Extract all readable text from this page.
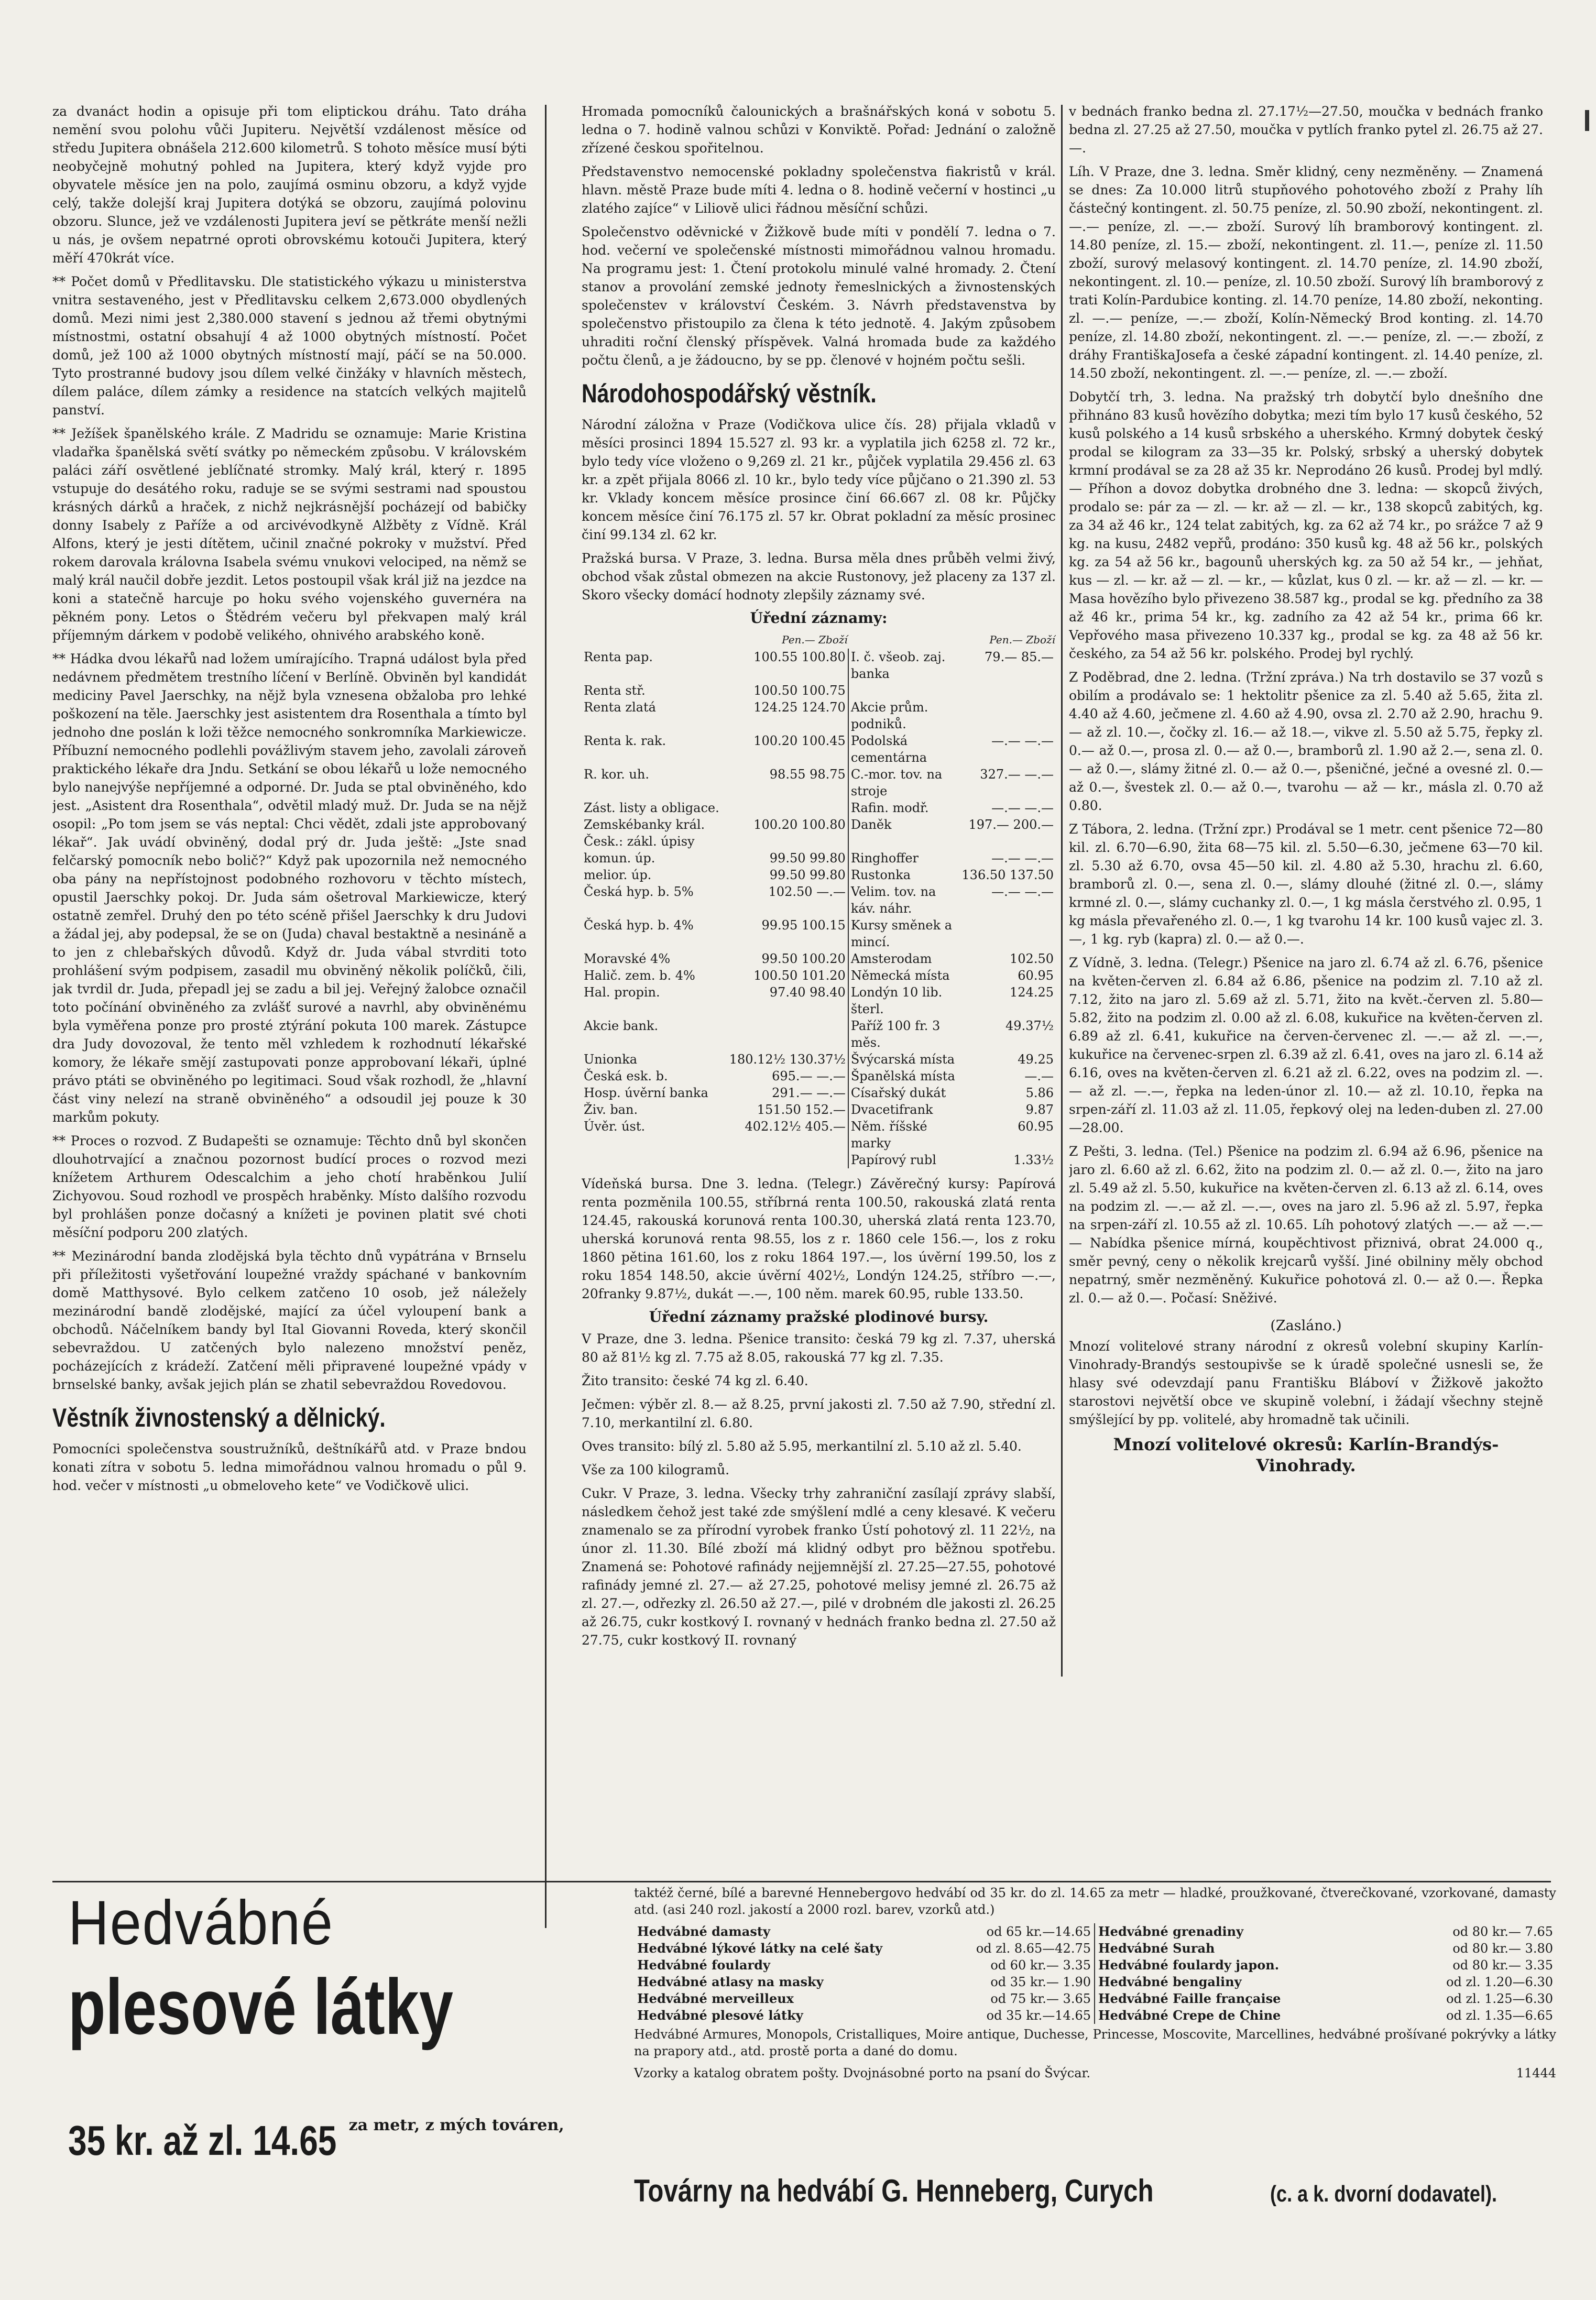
za dvanáct hodin a opisuje při tom eliptickou dráhu. Tato dráha nemění svou polohu vůči Jupiteru. Největší vzdálenost měsíce od středu Jupitera obnášela 212.600 kilometrů. S tohoto měsíce musí býti neobyčejně mohutný pohled na Jupitera, který když vyjde pro obyvatele měsíce jen na polo, zaujímá osminu obzoru, a když vyjde celý, takže dolejší kraj Jupitera dotýká se obzoru, zaujímá polovinu obzoru. Slunce, jež ve vzdálenosti Jupitera jeví se pětkráte menší nežli u nás, je ovšem nepatrné oproti obrovskému kotouči Jupitera, který měří 470krát více.

** Počet domů v Předlitavsku. Dle statistického výkazu u ministerstva vnitra sestaveného, jest v Předlitavsku celkem 2,673.000 obydlených domů. Mezi nimi jest 2,380.000 stavení s jednou až třemi obytnými místnostmi, ostatní obsahují 4 až 1000 obytných místností. Počet domů, jež 100 až 1000 obytných místností mají, páčí se na 50.000. Tyto prostranné budovy jsou dílem velké činžáky v hlavních městech, dílem paláce, dílem zámky a residence na statcích velkých majitelů panství.

** Ježíšek španělského krále. Z Madridu se oznamuje: Marie Kristina vladařka španělská světí svátky po německém způsobu. V královském paláci září osvětlené jeblíčnaté stromky. Malý král, který r. 1895 vstupuje do desátého roku, raduje se se svými sestrami nad spoustou krásných dárků a hraček, z nichž nejkrásnější pocházejí od babičky donny Isabely z Paříže a od arcivévodkyně Alžběty z Vídně. Král Alfons, který je jesti dítětem, učinil značné pokroky v mužství. Před rokem darovala královna Isabela svému vnukovi velociped, na němž se malý král naučil dobře jezdit. Letos postoupil však král již na jezdce na koni a statečně harcuje po hoku svého vojenského guvernéra na pěkném pony. Letos o Štědrém večeru byl překvapen malý král příjemným dárkem v podobě velikého, ohnivého arabského koně.

** Hádka dvou lékařů nad ložem umírajícího. Trapná událost byla před nedávnem předmětem trestního líčení v Berlíně. Obviněn byl kandidát mediciny Pavel Jaerschky, na nějž byla vznesena obžaloba pro lehké poškození na těle. Jaerschky jest asistentem dra Rosenthala a tímto byl jednoho dne poslán k loži těžce nemocného sonkromníka Markiewicze. Příbuzní nemocného podlehli povážlivým stavem jeho, zavolali zároveň praktického lékaře dra Jndu. Setkání se obou lékařů u lože nemocného bylo nanejvýše nepříjemné a odporné. Dr. Juda se ptal obviněného, kdo jest. „Asistent dra Rosenthala“, odvětil mladý muž. Dr. Juda se na nějž osopil: „Po tom jsem se vás neptal: Chci vědět, zdali jste approbovaný lékař“. Jak uvádí obviněný, dodal prý dr. Juda ještě: „Jste snad felčarský pomocník nebo bolič?“ Když pak upozornila než nemocného oba pány na nepřístojnost podobného rozhovoru v těchto místech, opustil Jaerschky pokoj. Dr. Juda sám ošetroval Markiewicze, který ostatně zemřel. Druhý den po této scéně přišel Jaerschky k dru Judovi a žádal jej, aby podepsal, že se on (Juda) chaval bestaktně a nesináně a to jen z chlebařských důvodů. Když dr. Juda vábal stvrditi toto prohlášení svým podpisem, zasadil mu obviněný několik políčků, čili, jak tvrdil dr. Juda, přepadl jej se zadu a bil jej. Veřejný žalobce označil toto počínání obviněného za zvlášť surové a navrhl, aby obviněnému byla vyměřena ponze pro prosté ztýrání pokuta 100 marek. Zástupce dra Judy dovozoval, že tento měl vzhledem k rozhodnutí lékařské komory, že lékaře smějí zastupovati ponze approbovaní lékaři, úplné právo ptáti se obviněného po legitimaci. Soud však rozhodl, že „hlavní část viny nelezí na straně obviněného“ a odsoudil jej pouze k 30 markům pokuty.

** Proces o rozvod. Z Budapešti se oznamuje: Těchto dnů byl skončen dlouhotrvající a značnou pozornost budící proces o rozvod mezi knížetem Arthurem Odescalchim a jeho chotí hraběnkou Julií Zichyovou. Soud rozhodl ve prospěch hraběnky. Místo dalšího rozvodu byl prohlášen ponze dočasný a knížeti je povinen platit své choti měsíční podporu 200 zlatých.

** Mezinárodní banda zlodějská byla těchto dnů vypátrána v Brnselu při příležitosti vyšetřování loupežné vraždy spáchané v bankovním domě Matthysové. Bylo celkem zatčeno 10 osob, jež náležely mezinárodní bandě zlodějské, mající za účel vyloupení bank a obchodů. Náčelníkem bandy byl Ital Giovanni Roveda, který skončil sebevraždou. U zatčených bylo nalezeno množství peněz, pocházejících z krádeží. Zatčení měli připravené loupežné vpády v brnselské banky, avšak jejich plán se zhatil sebevraždou Rovedovou.

Věstník živnostenský a dělnický.

Pomocníci společenstva soustružníků, deštníkářů atd. v Praze bndou konati zítra v sobotu 5. ledna mimořádnou valnou hromadu o půl 9. hod. večer v místnosti „u obmeloveho kete“ ve Vodičkově ulici.

Hromada pomocníků čalounických a brašnářských koná v sobotu 5. ledna o 7. hodině valnou schůzi v Konviktě. Pořad: Jednání o založně zřízené českou spořitelnou.

Představenstvo nemocenské pokladny společenstva fiakristů v král. hlavn. městě Praze bude míti 4. ledna o 8. hodině večerní v hostinci „u zlatého zajíce“ v Liliově ulici řádnou měsíční schůzi.

Společenstvo oděvnické v Žižkově bude míti v pondělí 7. ledna o 7. hod. večerní ve společenské místnosti mimořádnou valnou hromadu. Na programu jest: 1. Čtení protokolu minulé valné hromady. 2. Čtení stanov a provolání zemské jednoty řemeslnických a živnostenských společenstev v království Českém. 3. Návrh představenstva by společenstvo přistoupilo za člena k této jednotě. 4. Jakým způsobem uhraditi roční členský příspěvek. Valná hromada bude za každého počtu členů, a je žádoucno, by se pp. členové v hojném počtu sešli.

Národohospodářský věstník.

Národní záložna v Praze (Vodičkova ulice čís. 28) přijala vkladů v měsíci prosinci 1894 15.527 zl. 93 kr. a vyplatila jich 6258 zl. 72 kr., bylo tedy více vloženo o 9,269 zl. 21 kr., půjček vyplatila 29.456 zl. 63 kr. a zpět přijala 8066 zl. 10 kr., bylo tedy více půjčano o 21.390 zl. 53 kr. Vklady koncem měsíce prosince činí 66.667 zl. 08 kr. Půjčky koncem měsíce činí 76.175 zl. 57 kr. Obrat pokladní za měsíc prosinec činí 99.134 zl. 62 kr.

Pražská bursa. V Praze, 3. ledna. Bursa měla dnes průběh velmi živý, obchod však zůstal obmezen na akcie Rustonovy, jež placeny za 137 zl. Skoro všecky domácí hodnoty zlepšily záznamy své.

Úřední záznamy:
	Pen.— Zboží		Pen.— Zboží
Renta pap.	100.55 100.80	I. č. všeob. zaj. banka	79.— 85.—
Renta stř.	100.50 100.75		
Renta zlatá	124.25 124.70	Akcie prům. podniků.	
Renta k. rak.	100.20 100.45	Podolská cementárna	—.— —.—
R. kor. uh.	98.55 98.75	C.-mor. tov. na stroje	327.— —.—
Zást. listy a obligace.		Rafin. modř.	—.— —.—
Zemskébanky král. Česk.: zákl. úpisy	100.20 100.80	Daněk	197.— 200.—
komun. úp.	99.50 99.80	Ringhoffer	—.— —.—
melior. úp.	99.50 99.80	Rustonka	136.50 137.50
Česká hyp. b. 5%	102.50 —.—	Velim. tov. na káv. náhr.	—.— —.—
Česká hyp. b. 4%	99.95 100.15	Kursy směnek a mincí.	
Moravské 4%	99.50 100.20	Amsterodam	102.50
Halič. zem. b. 4%	100.50 101.20	Německá místa	60.95
Hal. propin.	97.40 98.40	Londýn 10 lib. šterl.	124.25
Akcie bank.		Paříž 100 fr. 3 měs.	49.37½
Unionka	180.12½ 130.37½	Švýcarská místa	49.25
Česká esk. b.	695.— —.—	Španělská místa	—.—
Hosp. úvěrní banka	291.— —.—	Císařský dukát	5.86
Živ. ban.	151.50 152.—	Dvacetifrank	9.87
Úvěr. úst.	402.12½ 405.—	Něm. říšské marky	60.95
		Papírový rubl	1.33½

Vídeňská bursa. Dne 3. ledna. (Telegr.) Závěrečný kursy: Papírová renta pozměnila 100.55, stříbrná renta 100.50, rakouská zlatá renta 124.45, rakouská korunová renta 100.30, uherská zlatá renta 123.70, uherská korunová renta 98.55, los z r. 1860 cele 156.—, los z roku 1860 pětina 161.60, los z roku 1864 197.—, los úvěrní 199.50, los z roku 1854 148.50, akcie úvěrní 402½, Londýn 124.25, stříbro —.—, 20franky 9.87½, dukát —.—, 100 něm. marek 60.95, ruble 133.50.

Úřední záznamy pražské plodinové bursy.

V Praze, dne 3. ledna. Pšenice transito: česká 79 kg zl. 7.37, uherská 80 až 81½ kg zl. 7.75 až 8.05, rakouská 77 kg zl. 7.35.

Žito transito: české 74 kg zl. 6.40.

Ječmen: výběr zl. 8.— až 8.25, první jakosti zl. 7.50 až 7.90, střední zl. 7.10, merkantilní zl. 6.80.

Oves transito: bílý zl. 5.80 až 5.95, merkantilní zl. 5.10 až zl. 5.40.

Vše za 100 kilogramů.

Cukr. V Praze, 3. ledna. Všecky trhy zahraniční zasílají zprávy slabší, následkem čehož jest také zde smýšlení mdlé a ceny klesavé. K večeru znamenalo se za přírodní vyrobek franko Ústí pohotový zl. 11 22½, na únor zl. 11.30. Bílé zboží má klidný odbyt pro běžnou spotřebu. Znamená se: Pohotové rafinády nejjemnější zl. 27.25—27.55, pohotové rafinády jemné zl. 27.— až 27.25, pohotové melisy jemné zl. 26.75 až zl. 27.—, odřezky zl. 26.50 až 27.—, pilé v drobném dle jakosti zl. 26.25 až 26.75, cukr kostkový I. rovnaný v hednách franko bedna zl. 27.50 až 27.75, cukr kostkový II. rovnaný

v bednách franko bedna zl. 27.17½—27.50, moučka v bednách franko bedna zl. 27.25 až 27.50, moučka v pytlích franko pytel zl. 26.75 až 27.—.

Líh. V Praze, dne 3. ledna. Směr klidný, ceny nezměněny. — Znamená se dnes: Za 10.000 litrů stupňového pohotového zboží z Prahy líh částečný kontingent. zl. 50.75 peníze, zl. 50.90 zboží, nekontingent. zl. —.— peníze, zl. —.— zboží. Surový líh bramborový kontingent. zl. 14.80 peníze, zl. 15.— zboží, nekontingent. zl. 11.—, peníze zl. 11.50 zboží, surový melasový kontingent. zl. 14.70 peníze, zl. 14.90 zboží, nekontingent. zl. 10.— peníze, zl. 10.50 zboží. Surový líh bramborový z trati Kolín-Pardubice konting. zl. 14.70 peníze, 14.80 zboží, nekonting. zl. —.— peníze, —.— zboží, Kolín-Německý Brod konting. zl. 14.70 peníze, zl. 14.80 zboží, nekontingent. zl. —.— peníze, zl. —.— zboží, z dráhy FrantiškaJosefa a české západní kontingent. zl. 14.40 peníze, zl. 14.50 zboží, nekontingent. zl. —.— peníze, zl. —.— zboží.

Dobytčí trh, 3. ledna. Na pražský trh dobytčí bylo dnešního dne přihnáno 83 kusů hovězího dobytka; mezi tím bylo 17 kusů českého, 52 kusů polského a 14 kusů srbského a uherského. Krmný dobytek český prodal se kilogram za 33—35 kr. Polský, srbský a uherský dobytek krmní prodával se za 28 až 35 kr. Neprodáno 26 kusů. Prodej byl mdlý. — Příhon a dovoz dobytka drobného dne 3. ledna: — skopců živých, prodalo se: pár za — zl. — kr. až — zl. — kr., 138 skopců zabitých, kg. za 34 až 46 kr., 124 telat zabitých, kg. za 62 až 74 kr., po srážce 7 až 9 kg. na kusu, 2482 vepřů, prodáno: 350 kusů kg. 48 až 56 kr., polských kg. za 54 až 56 kr., bagounů uherských kg. za 50 až 54 kr., — jehňat, kus — zl. — kr. až — zl. — kr., — kůzlat, kus 0 zl. — kr. až — zl. — kr. — Masa hovězího bylo přivezeno 38.587 kg., prodal se kg. předního za 38 až 46 kr., prima 54 kr., kg. zadního za 42 až 54 kr., prima 66 kr. Vepřového masa přivezeno 10.337 kg., prodal se kg. za 48 až 56 kr. českého, za 54 až 56 kr. polského. Prodej byl rychlý.

Z Poděbrad, dne 2. ledna. (Tržní zpráva.) Na trh dostavilo se 37 vozů s obilím a prodávalo se: 1 hektolitr pšenice za zl. 5.40 až 5.65, žita zl. 4.40 až 4.60, ječmene zl. 4.60 až 4.90, ovsa zl. 2.70 až 2.90, hrachu 9.— až zl. 10.—, čočky zl. 16.— až 18.—, vikve zl. 5.50 až 5.75, řepky zl. 0.— až 0.—, prosa zl. 0.— až 0.—, bramborů zl. 1.90 až 2.—, sena zl. 0.— až 0.—, slámy žitné zl. 0.— až 0.—, pšeničné, ječné a ovesné zl. 0.— až 0.—, švestek zl. 0.— až 0.—, tvarohu — až — kr., másla zl. 0.70 až 0.80.

Z Tábora, 2. ledna. (Tržní zpr.) Prodával se 1 metr. cent pšenice 72—80 kil. zl. 6.70—6.90, žita 68—75 kil. zl. 5.50—6.30, ječmene 63—70 kil. zl. 5.30 až 6.70, ovsa 45—50 kil. zl. 4.80 až 5.30, hrachu zl. 6.60, bramborů zl. 0.—, sena zl. 0.—, slámy dlouhé (žitné zl. 0.—, slámy krmné zl. 0.—, slámy cuchanky zl. 0.—, 1 kg másla čerstvého zl. 0.95, 1 kg másla převařeného zl. 0.—, 1 kg tvarohu 14 kr. 100 kusů vajec zl. 3.—, 1 kg. ryb (kapra) zl. 0.— až 0.—.

Z Vídně, 3. ledna. (Telegr.) Pšenice na jaro zl. 6.74 až zl. 6.76, pšenice na květen-červen zl. 6.84 až 6.86, pšenice na podzim zl. 7.10 až zl. 7.12, žito na jaro zl. 5.69 až zl. 5.71, žito na květ.-červen zl. 5.80—5.82, žito na podzim zl. 0.00 až zl. 6.08, kukuřice na květen-červen zl. 6.89 až zl. 6.41, kukuřice na červen-červenec zl. —.— až zl. —.—, kukuřice na červenec-srpen zl. 6.39 až zl. 6.41, oves na jaro zl. 6.14 až 6.16, oves na květen-červen zl. 6.21 až zl. 6.22, oves na podzim zl. —.— až zl. —.—, řepka na leden-únor zl. 10.— až zl. 10.10, řepka na srpen-září zl. 11.03 až zl. 11.05, řepkový olej na leden-duben zl. 27.00—28.00.

Z Pešti, 3. ledna. (Tel.) Pšenice na podzim zl. 6.94 až 6.96, pšenice na jaro zl. 6.60 až zl. 6.62, žito na podzim zl. 0.— až zl. 0.—, žito na jaro zl. 5.49 až zl. 5.50, kukuřice na květen-červen zl. 6.13 až zl. 6.14, oves na podzim zl. —.— až zl. —.—, oves na jaro zl. 5.96 až zl. 5.97, řepka na srpen-září zl. 10.55 až zl. 10.65. Líh pohotový zlatých —.— až —.— — Nabídka pšenice mírná, koupěchtivost přiznivá, obrat 24.000 q., směr pevný, ceny o několik krejcarů vyšší. Jiné obilniny měly obchod nepatrný, směr nezměněný. Kukuřice pohotová zl. 0.— až 0.—. Řepka zl. 0.— až 0.—. Počasí: Sněživé.

(Zasláno.)

Mnozí volitelové strany národní z okresů volební skupiny Karlín-Vinohrady-Brandýs sestoupivše se k úradě společné usnesli se, že hlasy své odevzdají panu Františku Bláboví v Žižkově jakožto starostovi největší obce ve skupině volební, i žádají všechny stejně smýšlející by pp. volitelé, aby hromadně tak učinili.

Mnozí volitelové okresů: Karlín-Brandýs-Vinohrady.
Hedvábné
plesové látky
35 kr. až zl. 14.65 za metr, z mých továren,

taktéž černé, bílé a barevné Hennebergovo hedvábí od 35 kr. do zl. 14.65 za metr — hladké, proužkované, čtverečkované, vzorkované, damasty atd. (asi 240 rozl. jakostí a 2000 rozl. barev, vzorků atd.)

Hedvábné damasty	od 65 kr.—14.65
Hedvábné lýkové látky na celé šaty	od zl. 8.65—42.75
Hedvábné foulardy	od 60 kr.— 3.35
Hedvábné atlasy na masky	od 35 kr.— 1.90
Hedvábné merveilleux	od 75 kr.— 3.65
Hedvábné plesové látky	od 35 kr.—14.65
Hedvábné grenadiny	od 80 kr.— 7.65
Hedvábné Surah	od 80 kr.— 3.80
Hedvábné foulardy japon.	od 80 kr.— 3.35
Hedvábné bengaliny	od zl. 1.20—6.30
Hedvábné Faille française	od zl. 1.25—6.30
Hedvábné Crepe de Chine	od zl. 1.35—6.65

Hedvábné Armures, Monopols, Cristalliques, Moire antique, Duchesse, Princesse, Moscovite, Marcellines, hedvábné prošívané pokrývky a látky na prapory atd., atd. prostě porta a dané do domu.

Vzorky a katalog obratem pošty. Dvojnásobné porto na psaní do Švýcar.	11444

Továrny na hedvábí G. Henneberg, Curych	(c. a k. dvorní dodavatel).
